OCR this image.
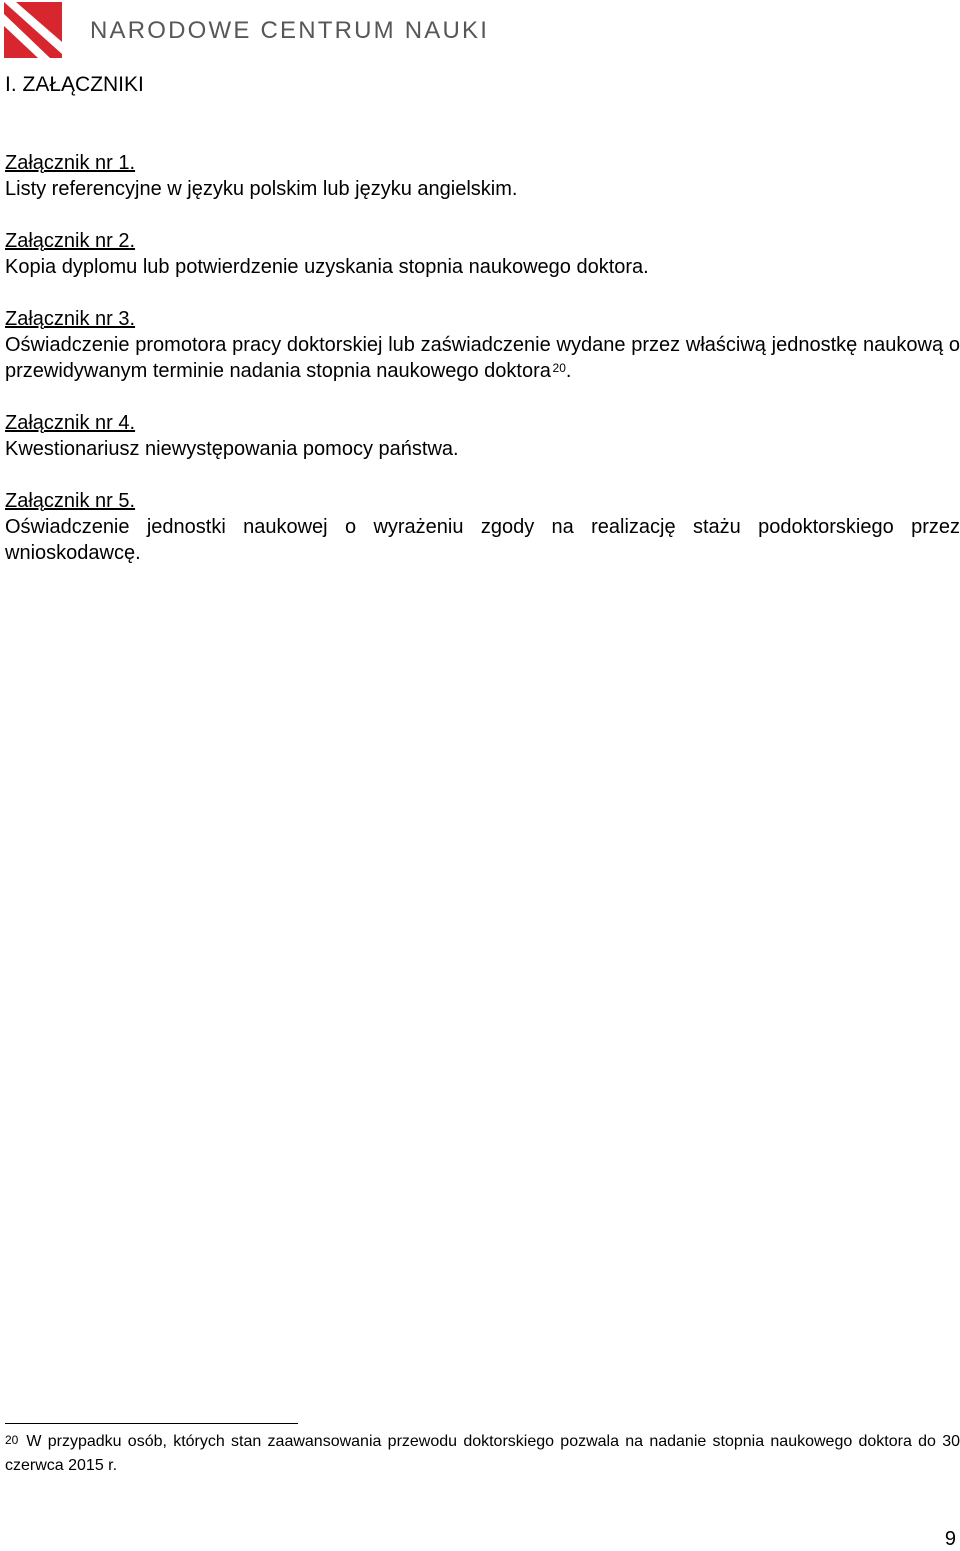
NARODOWE CENTRUM NAUKI
I. ZAŁĄCZNIKI
Załącznik nr 1.
Listy referencyjne w języku polskim lub języku angielskim.
Załącznik nr 2.
Kopia dyplomu lub potwierdzenie uzyskania stopnia naukowego doktora.
Załącznik nr 3.
Oświadczenie promotora pracy doktorskiej lub zaświadczenie wydane przez właściwą jednostkę naukową o przewidywanym terminie nadania stopnia naukowego doktora  $^{20}$.
Załącznik nr 4.
Kwestionariusz niewystępowania pomocy państwa.
Załącznik nr 5.
Oświadczenie jednostki naukowej o wyrażeniu zgody na realizację stażu podoktorskiego przez wnioskodawcę.
$^{20}$ W przypadku osób, których stan zaawansowania przewodu doktorskiego pozwala na nadanie stopnia naukowego doktora do 30 czerwca 2015 r.
9
